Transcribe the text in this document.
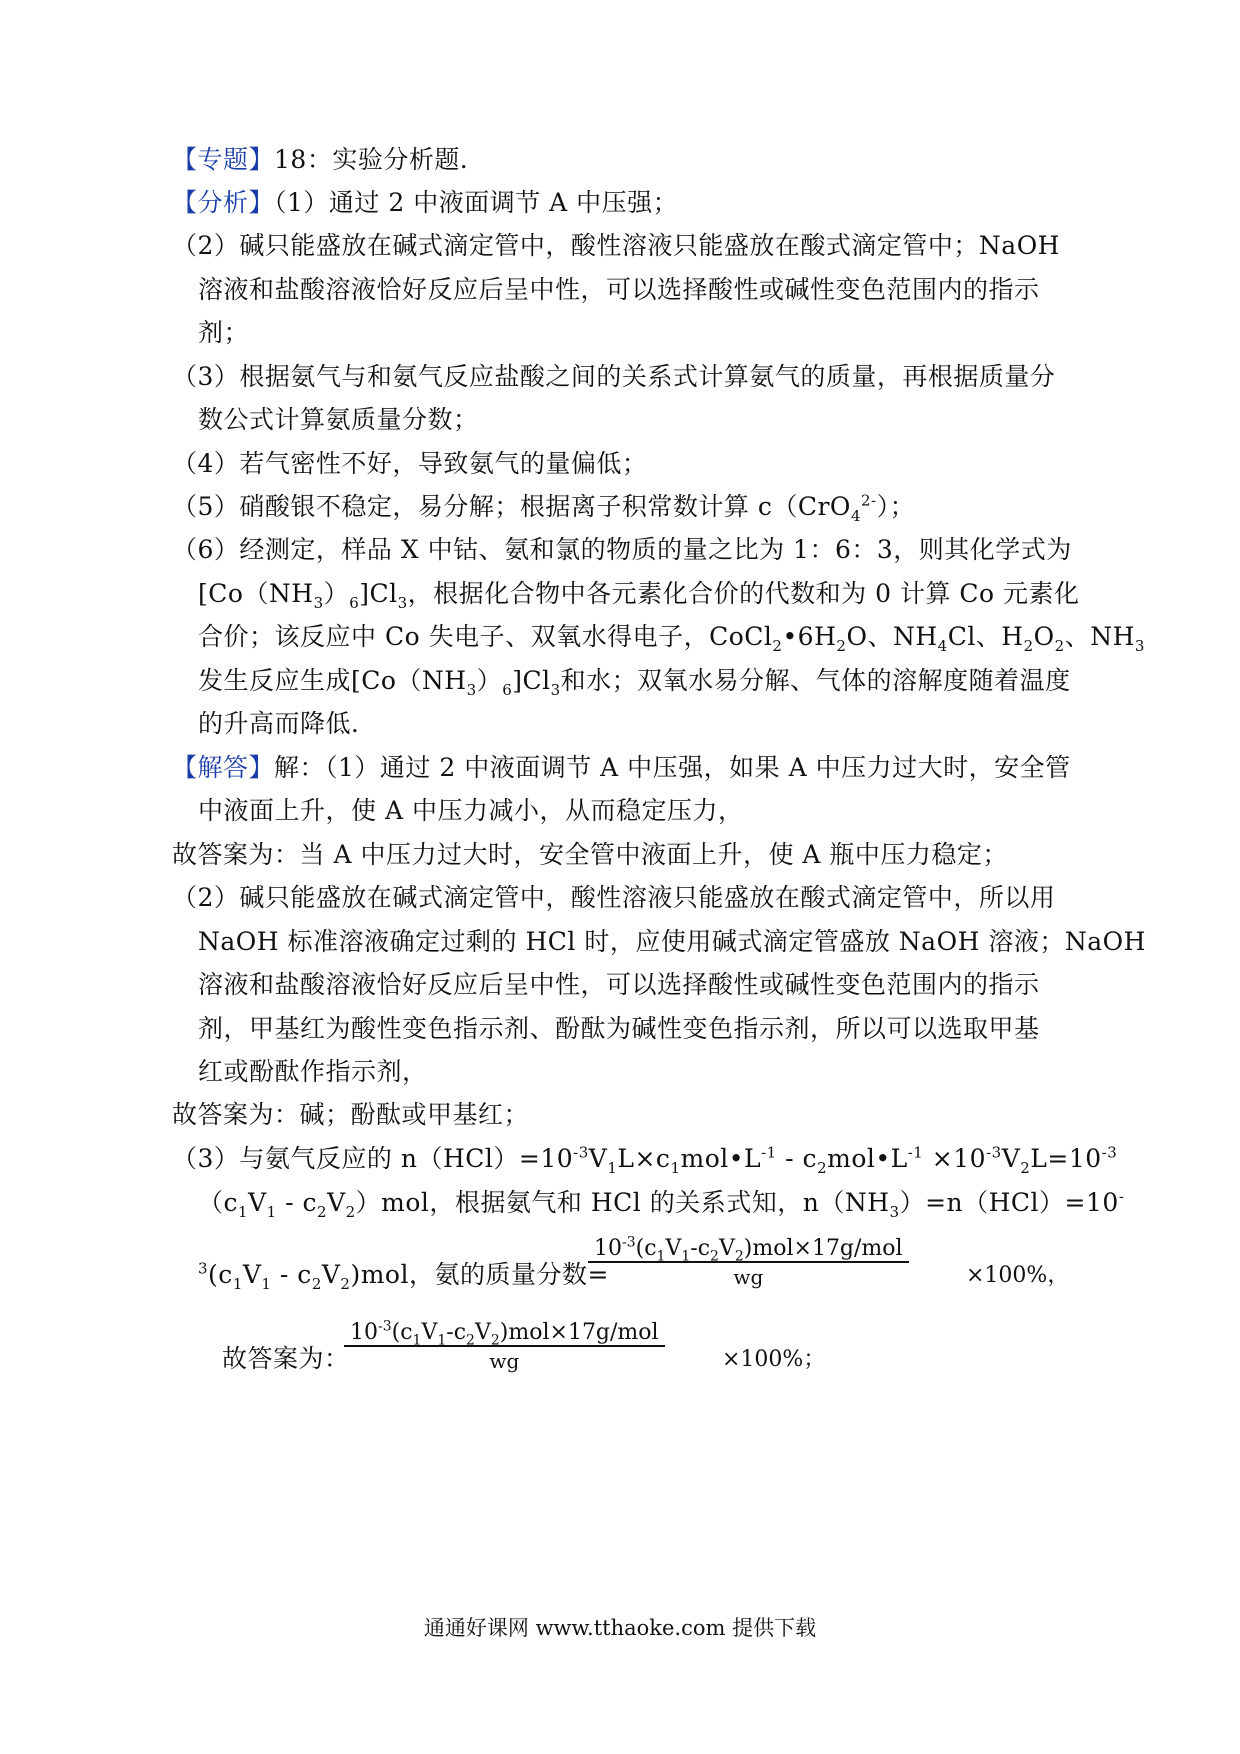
【专题】18：实验分析题．
【分析】（1）通过 2 中液面调节 A 中压强；
（2）碱只能盛放在碱式滴定管中，酸性溶液只能盛放在酸式滴定管中；NaOH
溶液和盐酸溶液恰好反应后呈中性，可以选择酸性或碱性变色范围内的指示
剂；
（3）根据氨气与和氨气反应盐酸之间的关系式计算氨气的质量，再根据质量分
数公式计算氨质量分数；
（4）若气密性不好，导致氨气的量偏低；
（5）硝酸银不稳定，易分解；根据离子积常数计算 c（CrO$_4^{2-}$）；
（6）经测定，样品 X 中钴、氨和氯的物质的量之比为 1：6：3，则其化学式为
$[Co(NH_3)_6]Cl_3$，根据化合物中各元素化合价的代数和为 0 计算 Co 元素化
合价；该反应中 Co 失电子、双氧水得电子，$CoCl_2•6H_2O$、$NH_4Cl$、$H_2O_2$、$NH_3$
发生反应生成$[Co(NH_3)_6]Cl_3$和水；双氧水易分解、气体的溶解度随着温度
的升高而降低．
【解答】解：（1）通过 2 中液面调节 A 中压强，如果 A 中压力过大时，安全管
中液面上升，使 A 中压力减小，从而稳定压力，
故答案为：当 A 中压力过大时，安全管中液面上升，使 A 瓶中压力稳定；
（2）碱只能盛放在碱式滴定管中，酸性溶液只能盛放在酸式滴定管中，所以用
NaOH 标准溶液确定过剩的 HCl 时，应使用碱式滴定管盛放 NaOH 溶液；NaOH
溶液和盐酸溶液恰好反应后呈中性，可以选择酸性或碱性变色范围内的指示
剂，甲基红为酸性变色指示剂、酚酞为碱性变色指示剂，所以可以选取甲基
红或酚酞作指示剂，
故答案为：碱；酚酞或甲基红；
（3）与氨气反应的 $n(HCl)=10^{-3}V_1L\times c_1mol•L^{-1}$ - $c_2mol•L^{-1} \times 10^{-3}V_2L=10^{-3}$
$(c_1V_1 - c_2V_2)mol$，根据氨气和 HCl 的关系式知，$n(NH_3)=n(HCl)=10^-$
$^3(c_1V_1 - c_2V_2)mol$，氨的质量分数=
$10^{-3}(c_1V_1-c_2V_2)mol\times 17g$/mol
wg	×100%，
故答案为：
$10^{-3}(c_1V_1-c_2V_2)mol\times 17g$/mol
wg	×100%；
通通好课网 www.tthaoke.com 提供下载
